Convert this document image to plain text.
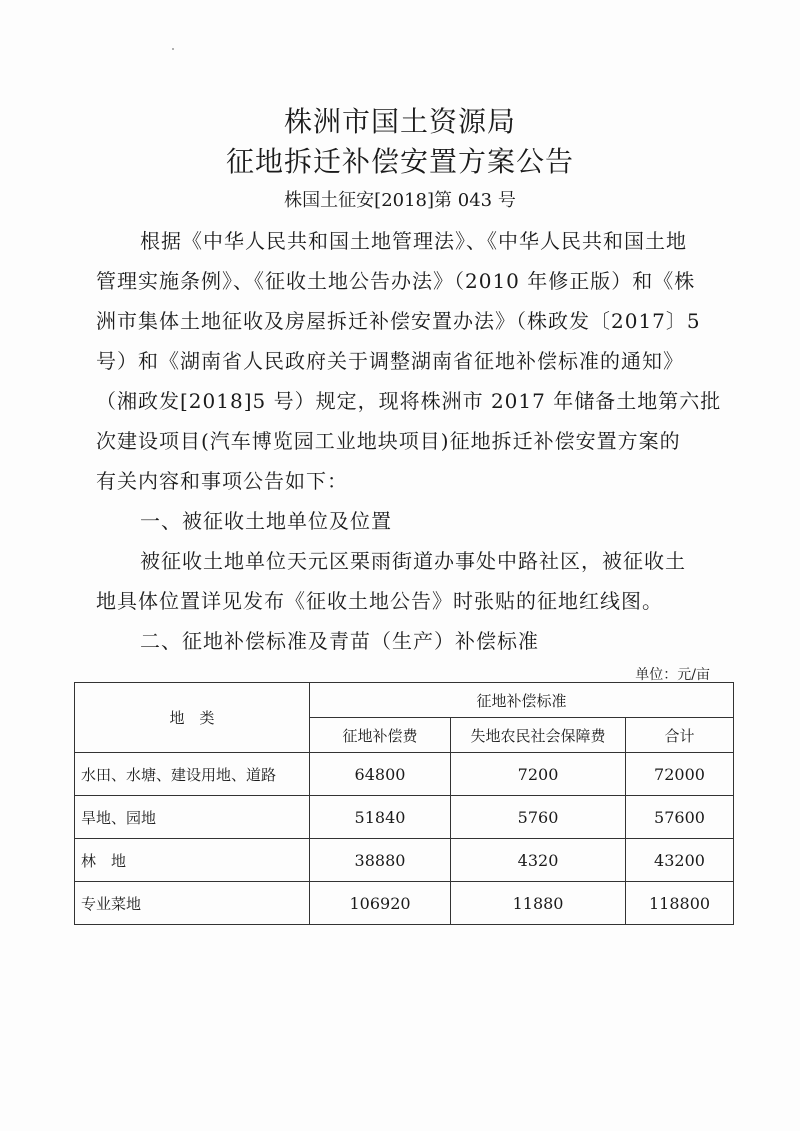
株洲市国土资源局
征地拆迁补偿安置方案公告
株国土征安[2018]第 043 号
根据《中华人民共和国土地管理法》、《中华人民共和国土地
管理实施条例》、《征收土地公告办法》（2010 年修正版）和《株
洲市集体土地征收及房屋拆迁补偿安置办法》（株政发〔2017〕5
号）和《湖南省人民政府关于调整湖南省征地补偿标准的通知》
（湘政发[2018]5 号）规定，现将株洲市 2017 年储备土地第六批
次建设项目(汽车博览园工业地块项目)征地拆迁补偿安置方案的
有关内容和事项公告如下：
一、被征收土地单位及位置
被征收土地单位天元区栗雨街道办事处中路社区，被征收土
地具体位置详见发布《征收土地公告》时张贴的征地红线图。
二、征地补偿标准及青苗（生产）补偿标准
单位：元/亩
地　类	征地补偿标准		
	征地补偿费	失地农民社会保障费	合计
水田、水塘、建设用地、道路	64800	7200	72000
旱地、园地	51840	5760	57600
林　地	38880	4320	43200
专业菜地	106920	11880	118800
